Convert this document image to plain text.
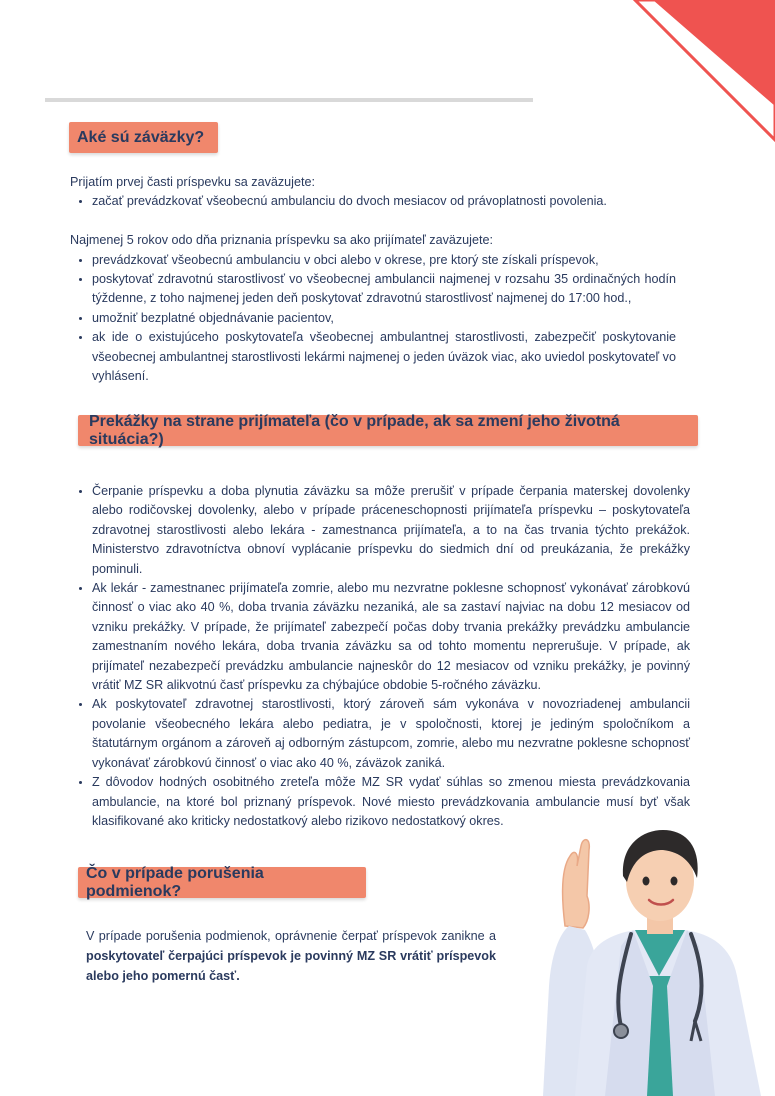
Aké sú záväzky?

Prijatím prvej časti príspevku sa zaväzujete:

• začať prevádzkovať všeobecnú ambulanciu do dvoch mesiacov od právoplatnosti povolenia.

Najmenej 5 rokov odo dňa priznania príspevku sa ako prijímateľ zaväzujete:

• prevádzkovať všeobecnú ambulanciu v obci alebo v okrese, pre ktorý ste získali príspevok,
• poskytovať zdravotnú starostlivosť vo všeobecnej ambulancii najmenej v rozsahu 35 ordinačných hodín týždenne, z toho najmenej jeden deň poskytovať zdravotnú starostlivosť najmenej do 17:00 hod.,
• umožniť bezplatné objednávanie pacientov,
• ak ide o existujúceho poskytovateľa všeobecnej ambulantnej starostlivosti, zabezpečiť poskytovanie všeobecnej ambulantnej starostlivosti lekármi najmenej o jeden úväzok viac, ako uviedol poskytovateľ vo vyhlásení.
Prekážky na strane prijímateľa (čo v prípade, ak sa zmení jeho životná situácia?)
• Čerpanie príspevku a doba plynutia záväzku sa môže prerušiť v prípade čerpania materskej dovolenky alebo rodičovskej dovolenky, alebo v prípade práceneschopnosti prijímateľa príspevku – poskytovateľa zdravotnej starostlivosti alebo lekára - zamestnanca prijímateľa, a to na čas trvania týchto prekážok. Ministerstvo zdravotníctva obnoví vyplácanie príspevku do siedmich dní od preukázania, že prekážky pominuli.
• Ak lekár - zamestnanec prijímateľa zomrie, alebo mu nezvratne poklesne schopnosť vykonávať zárobkovú činnosť o viac ako 40 %, doba trvania záväzku nezaniká, ale sa zastaví najviac na dobu 12 mesiacov od vzniku prekážky. V prípade, že prijímateľ zabezpečí počas doby trvania prekážky prevádzku ambulancie zamestnaním nového lekára, doba trvania záväzku sa od tohto momentu neprerušuje. V prípade, ak prijímateľ nezabezpečí prevádzku ambulancie najneskôr do 12 mesiacov od vzniku prekážky, je povinný vrátiť MZ SR alikvotnú časť príspevku za chýbajúce obdobie 5-ročného záväzku.
• Ak poskytovateľ zdravotnej starostlivosti, ktorý zároveň sám vykonáva v novozriadenej ambulancii povolanie všeobecného lekára alebo pediatra, je v spoločnosti, ktorej je jediným spoločníkom a štatutárnym orgánom a zároveň aj odborným zástupcom, zomrie, alebo mu nezvratne poklesne schopnosť vykonávať zárobkovú činnosť o viac ako 40 %, záväzok zaniká.
• Z dôvodov hodných osobitného zreteľa môže MZ SR vydať súhlas so zmenou miesta prevádzkovania ambulancie, na ktoré bol priznaný príspevok. Nové miesto prevádzkovania ambulancie musí byť však klasifikované ako kriticky nedostatkový alebo rizikovo nedostatkový okres.
Čo v prípade porušenia podmienok?
V prípade porušenia podmienok, oprávnenie čerpať príspevok zanikne a poskytovateľ čerpajúci príspevok je povinný MZ SR vrátiť príspevok alebo jeho pomernú časť.
